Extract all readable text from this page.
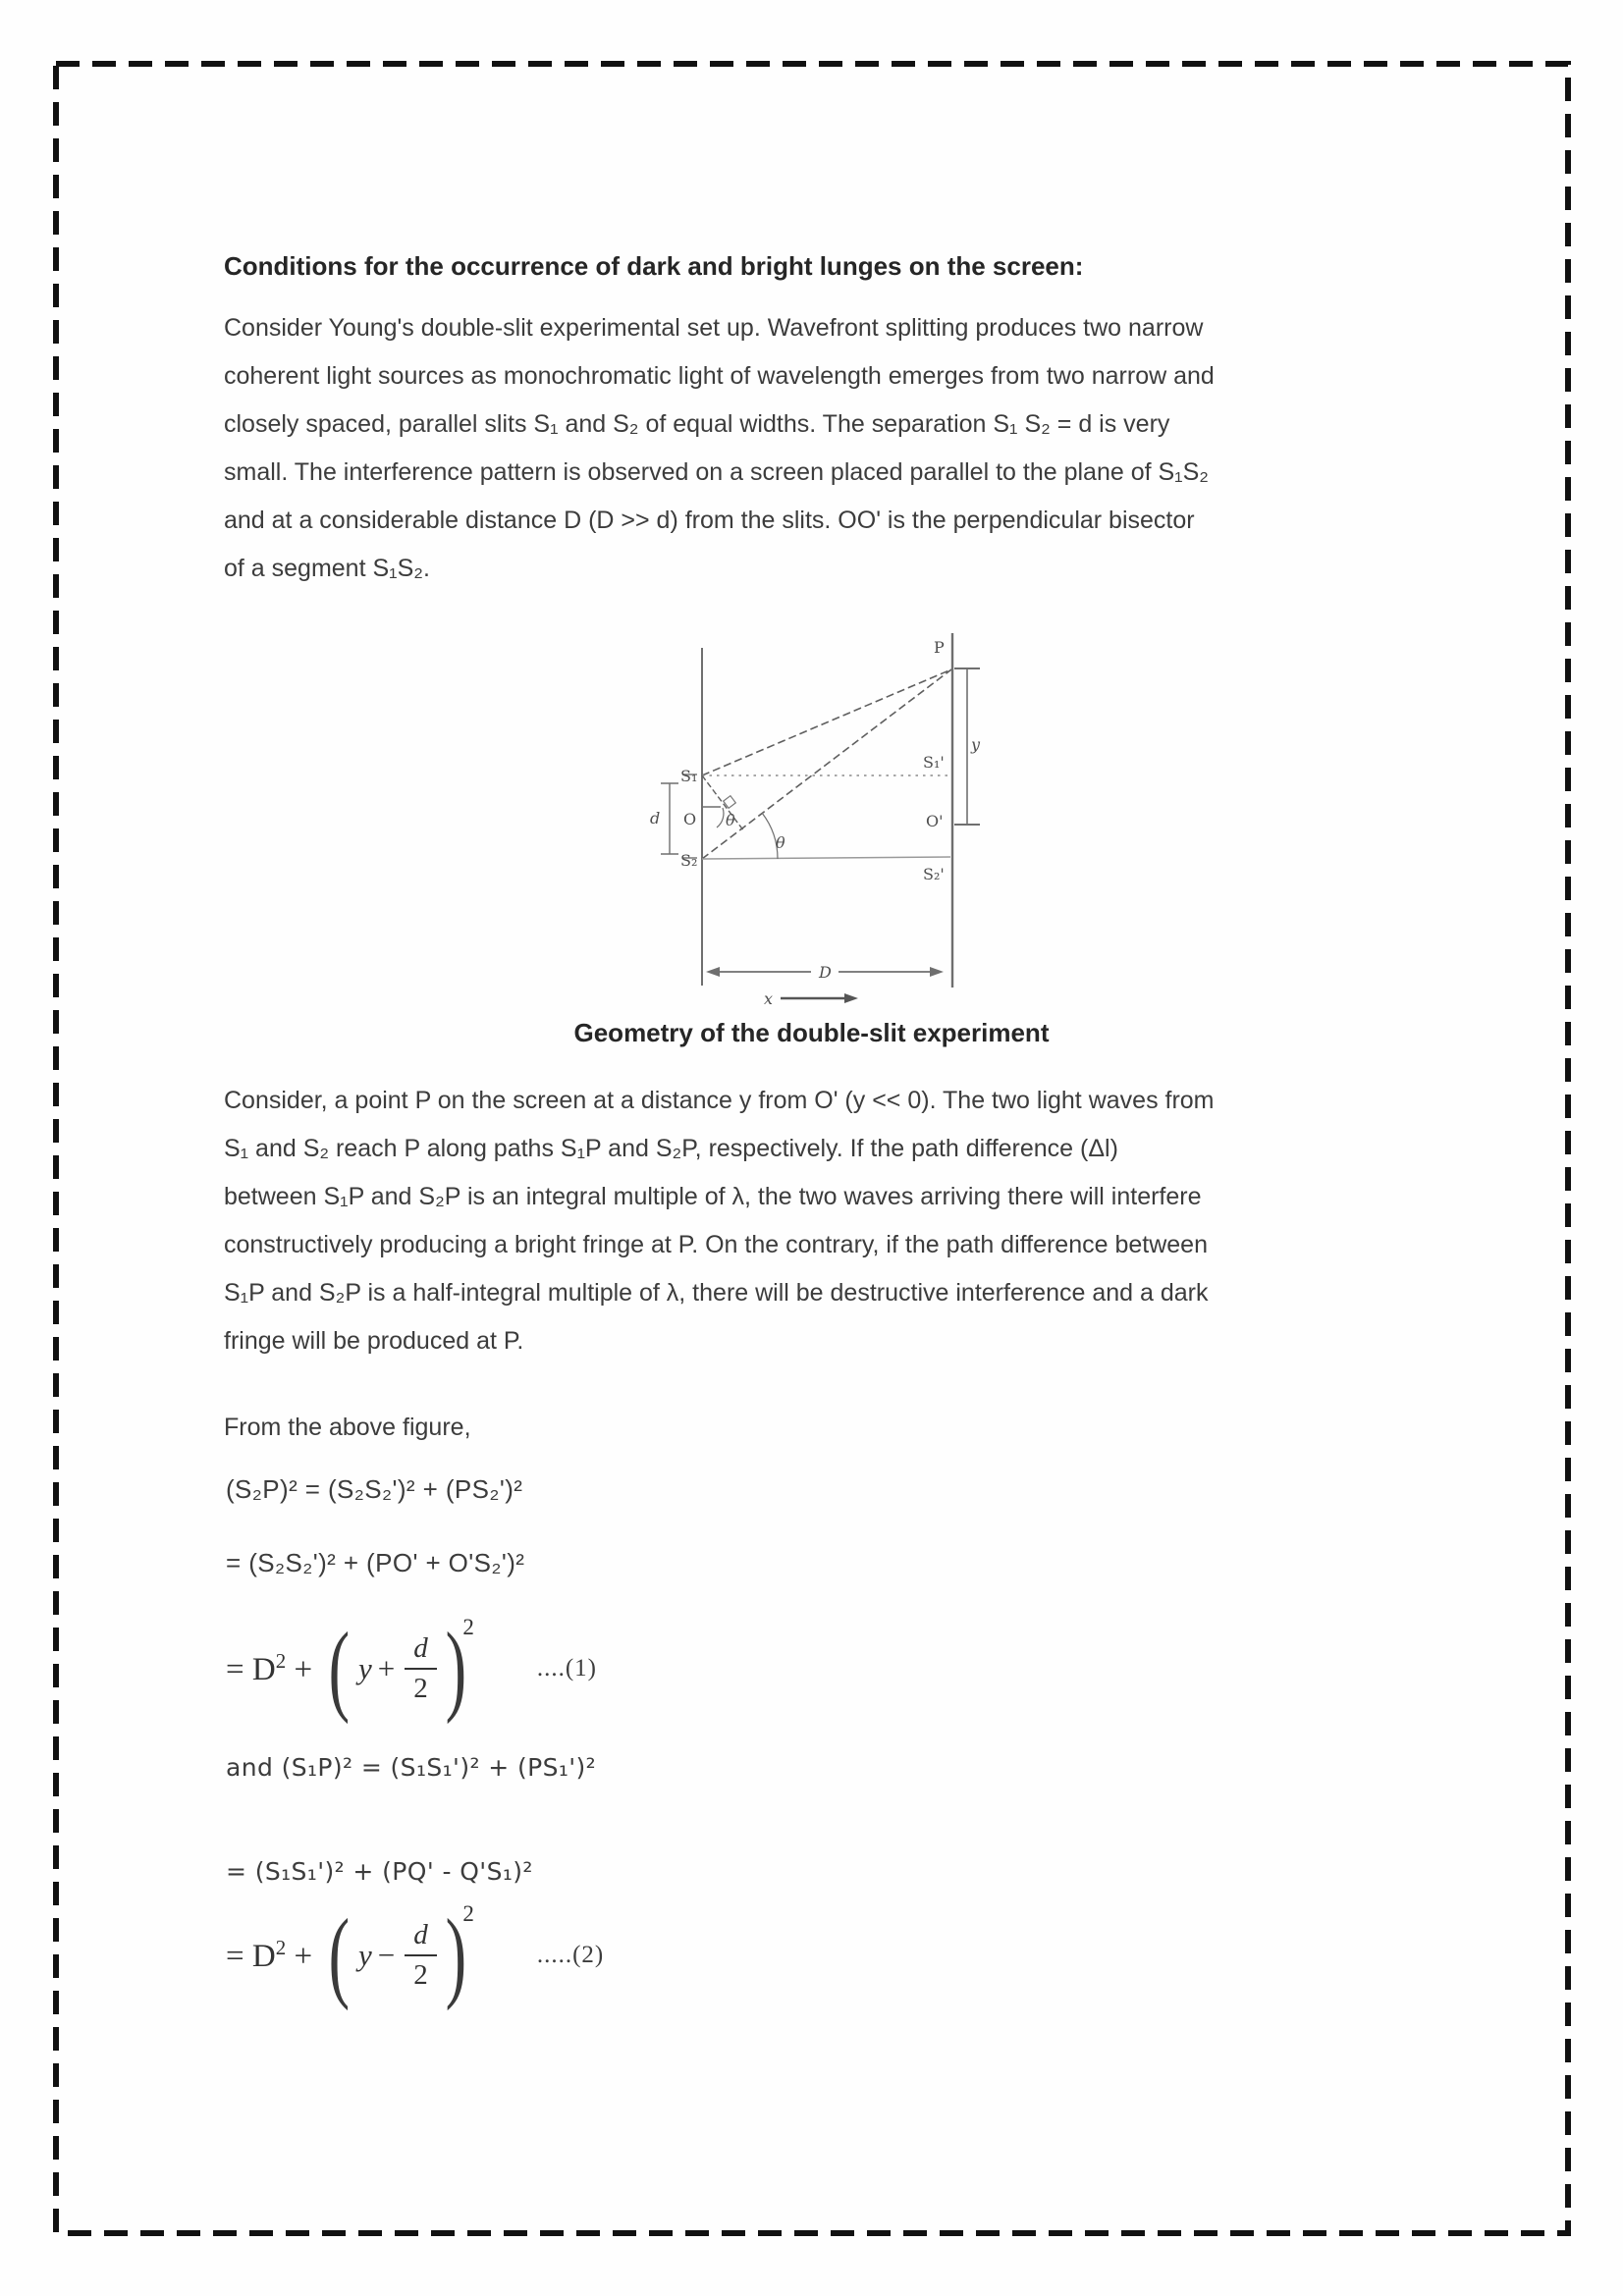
Conditions for the occurrence of dark and bright lunges on the screen:
Consider Young's double-slit experimental set up. Wavefront splitting produces two narrow coherent light sources as monochromatic light of wavelength emerges from two narrow and closely spaced, parallel slits S₁ and S₂ of equal widths. The separation S₁ S₂ = d is very small. The interference pattern is observed on a screen placed parallel to the plane of S₁S₂ and at a considerable distance D (D >> d) from the slits. OO' is the perpendicular bisector of a segment S₁S₂.
θ
θ
d
y
D
x
P
S₁
O
S₂
S₁'
O'
S₂'
Geometry of the double-slit experiment
Consider, a point P on the screen at a distance y from O' (y << 0). The two light waves from S₁ and S₂ reach P along paths S₁P and S₂P, respectively. If the path difference (Δl) between S₁P and S₂P is an integral multiple of λ, the two waves arriving there will interfere constructively producing a bright fringe at P. On the contrary, if the path difference between S₁P and S₂P is a half-integral multiple of λ, there will be destructive interference and a dark fringe will be produced at P.
From the above figure,
(S₂P)² = (S₂S₂')² + (PS₂')²
= (S₂S₂')² + (PO' + O'S₂')²
= $D^2$ + ( $y + \frac{d}{2}$ )
2
....(1)
and (S₁P)² = (S₁S₁')² + (PS₁')²
= (S₁S₁')² + (PQ' - Q'S₁)²
= $D^2$ + ( $y - \frac{d}{2}$ )
2
.....(2)
